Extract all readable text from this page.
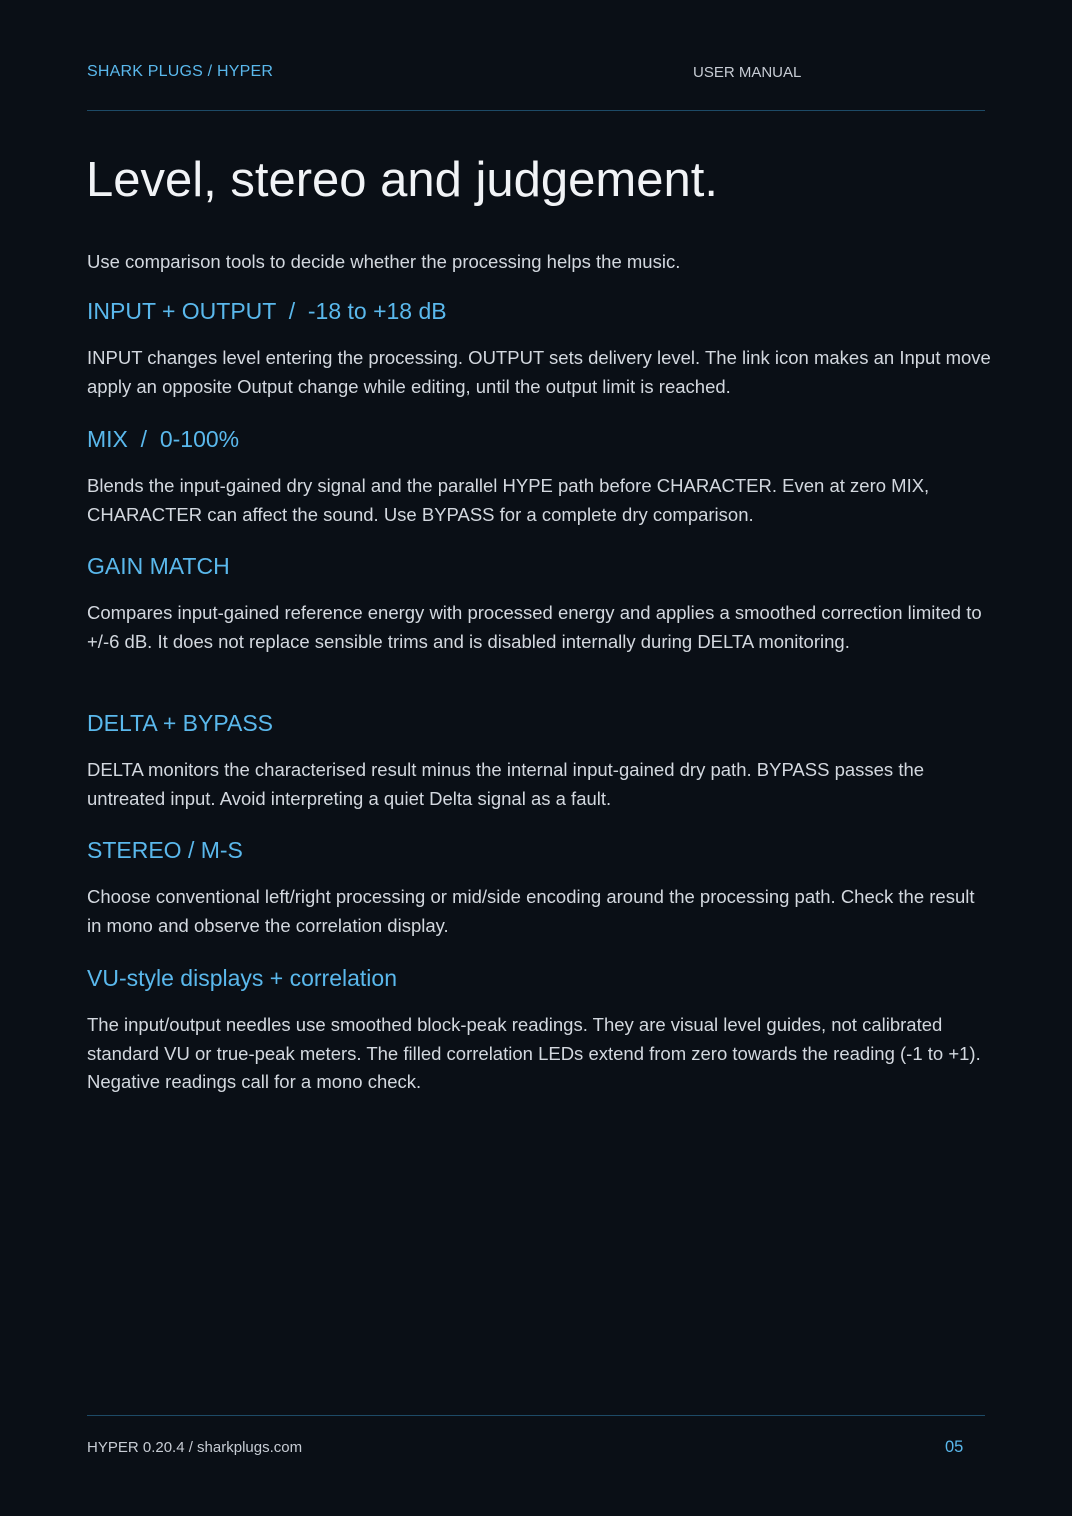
SHARK PLUGS / HYPER	USER MANUAL
Level, stereo and judgement.

Use comparison tools to decide whether the processing helps the music.

INPUT + OUTPUT  /  -18 to +18 dB

INPUT changes level entering the processing. OUTPUT sets delivery level. The link icon makes an Input move apply an opposite Output change while editing, until the output limit is reached.

MIX  /  0-100%

Blends the input-gained dry signal and the parallel HYPE path before CHARACTER. Even at zero MIX, CHARACTER can affect the sound. Use BYPASS for a complete dry comparison.

GAIN MATCH

Compares input-gained reference energy with processed energy and applies a smoothed correction limited to +/-6 dB. It does not replace sensible trims and is disabled internally during DELTA monitoring.

DELTA + BYPASS

DELTA monitors the characterised result minus the internal input-gained dry path. BYPASS passes the untreated input. Avoid interpreting a quiet Delta signal as a fault.

STEREO / M-S

Choose conventional left/right processing or mid/side encoding around the processing path. Check the result in mono and observe the correlation display.

VU-style displays + correlation

The input/output needles use smoothed block-peak readings. They are visual level guides, not calibrated standard VU or true-peak meters. The filled correlation LEDs extend from zero towards the reading (-1 to +1). Negative readings call for a mono check.

HYPER 0.20.4 / sharkplugs.com	05
